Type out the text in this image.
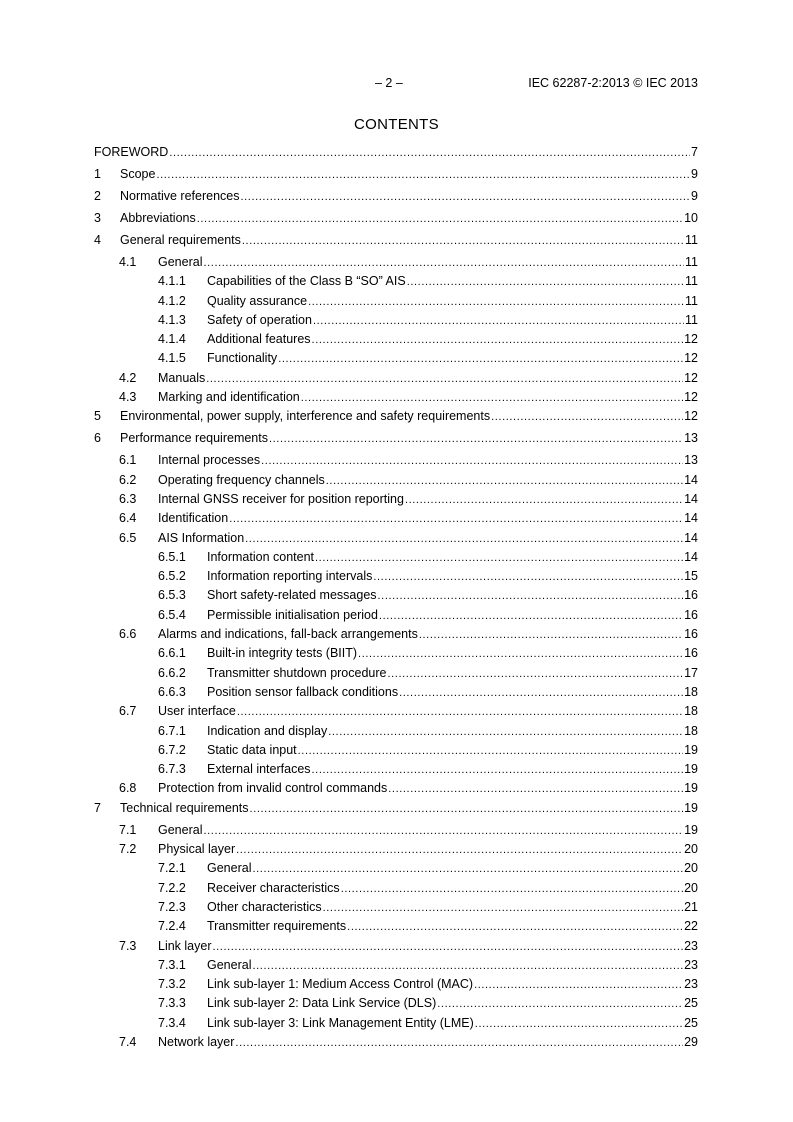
– 2 –	IEC 62287-2:2013 © IEC 2013
CONTENTS
FOREWORD .....	7
1 Scope .....	9
2 Normative references .....	9
3 Abbreviations .....	10
4 General requirements .....	11
4.1 General .....	11
4.1.1 Capabilities of the Class B “SO” AIS .....	11
4.1.2 Quality assurance .....	11
4.1.3 Safety of operation .....	11
4.1.4 Additional features .....	12
4.1.5 Functionality .....	12
4.2 Manuals .....	12
4.3 Marking and identification .....	12
5 Environmental, power supply, interference and safety requirements .....	12
6 Performance requirements .....	13
6.1 Internal processes .....	13
6.2 Operating frequency channels .....	14
6.3 Internal GNSS receiver for position reporting .....	14
6.4 Identification .....	14
6.5 AIS Information .....	14
6.5.1 Information content .....	14
6.5.2 Information reporting intervals .....	15
6.5.3 Short safety-related messages .....	16
6.5.4 Permissible initialisation period .....	16
6.6 Alarms and indications, fall-back arrangements .....	16
6.6.1 Built-in integrity tests (BIIT) .....	16
6.6.2 Transmitter shutdown procedure .....	17
6.6.3 Position sensor fallback conditions .....	18
6.7 User interface .....	18
6.7.1 Indication and display .....	18
6.7.2 Static data input .....	19
6.7.3 External interfaces .....	19
6.8 Protection from invalid control commands .....	19
7 Technical requirements .....	19
7.1 General .....	19
7.2 Physical layer .....	20
7.2.1 General .....	20
7.2.2 Receiver characteristics .....	20
7.2.3 Other characteristics .....	21
7.2.4 Transmitter requirements .....	22
7.3 Link layer .....	23
7.3.1 General .....	23
7.3.2 Link sub-layer 1: Medium Access Control (MAC) .....	23
7.3.3 Link sub-layer 2: Data Link Service (DLS) .....	25
7.3.4 Link sub-layer 3: Link Management Entity (LME) .....	25
7.4 Network layer .....	29
